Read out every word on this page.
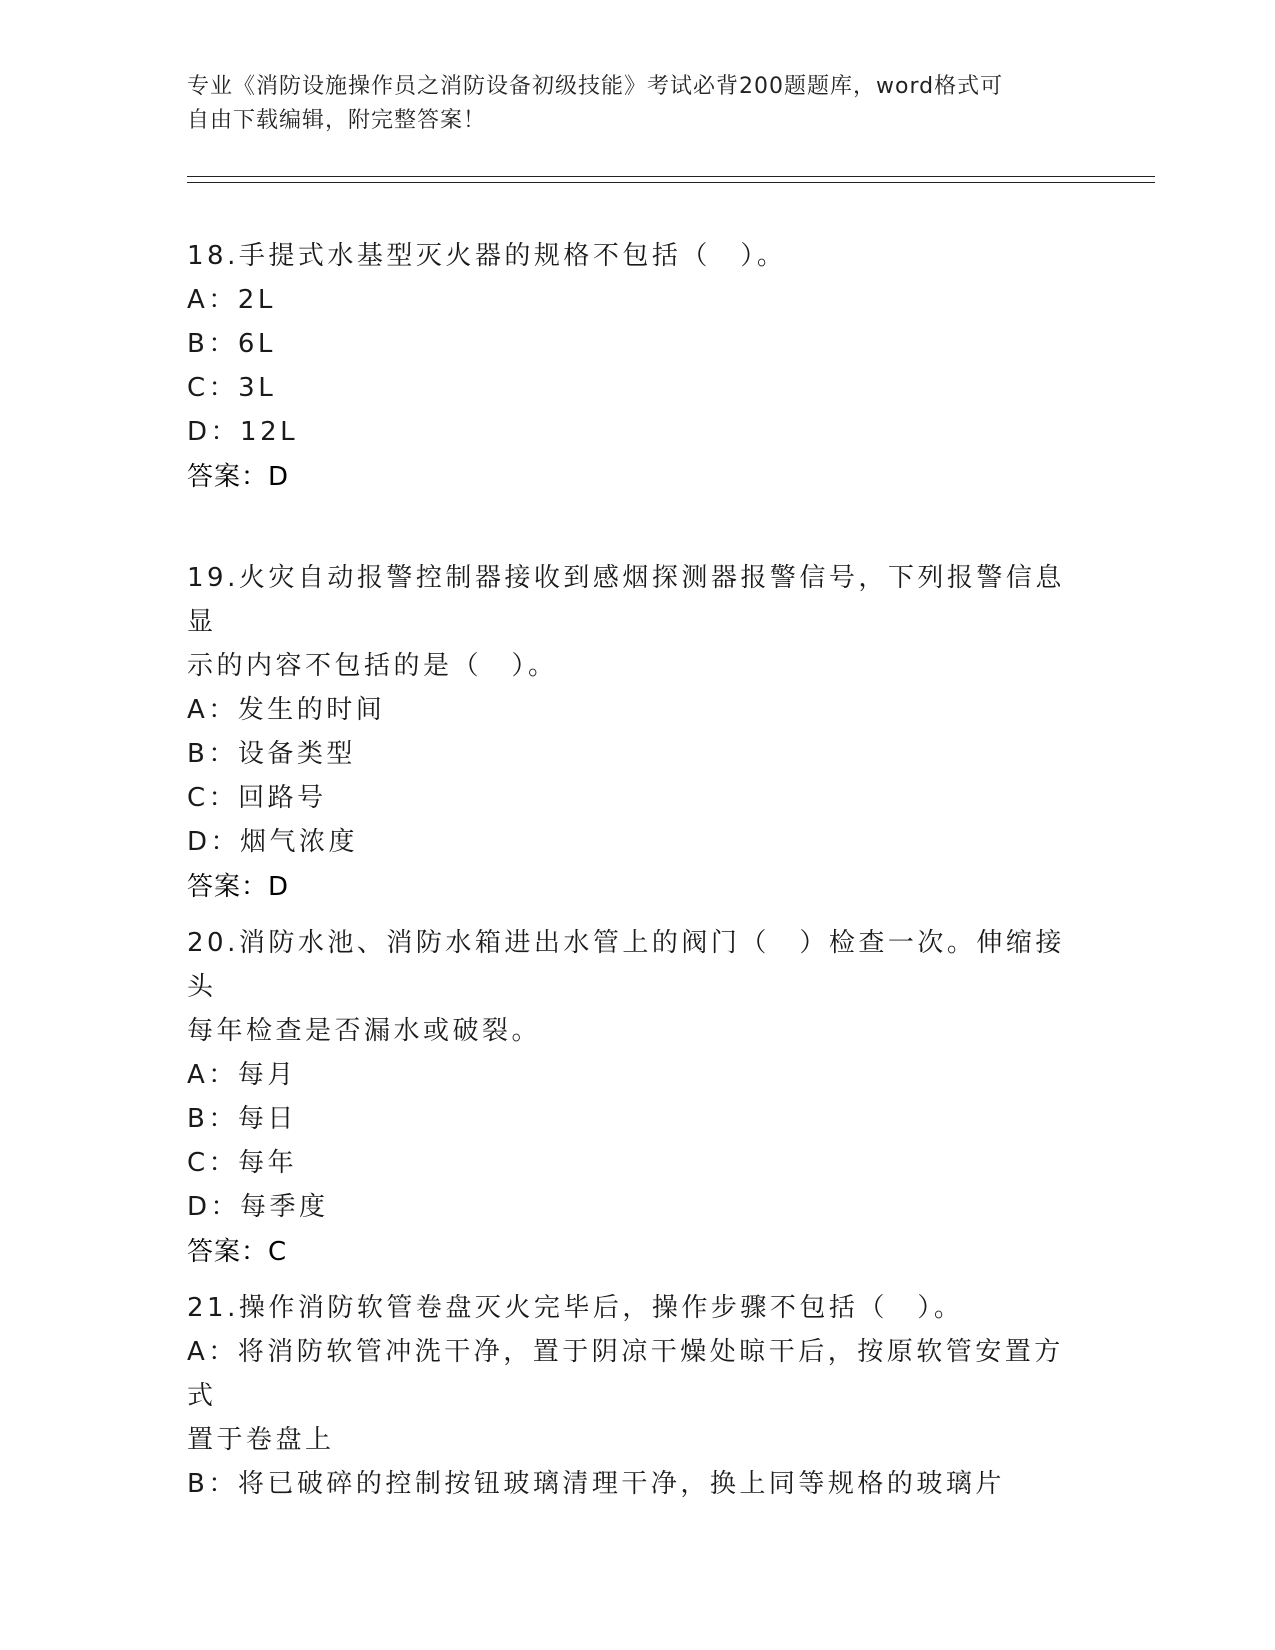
专业《消防设施操作员之消防设备初级技能》考试必背200题题库，word格式可
自由下载编辑，附完整答案！

18.手提式水基型灭火器的规格不包括（　）。

A：2L

B：6L

C：3L

D：12L

答案：D

19.火灾自动报警控制器接收到感烟探测器报警信号，下列报警信息显

示的内容不包括的是（　）。

A：发生的时间

B：设备类型

C：回路号

D：烟气浓度

答案：D

20.消防水池、消防水箱进出水管上的阀门（　）检查一次。伸缩接头

每年检查是否漏水或破裂。

A：每月

B：每日

C：每年

D：每季度

答案：C

21.操作消防软管卷盘灭火完毕后，操作步骤不包括（　）。

A：将消防软管冲洗干净，置于阴凉干燥处晾干后，按原软管安置方式

置于卷盘上

B：将已破碎的控制按钮玻璃清理干净，换上同等规格的玻璃片
